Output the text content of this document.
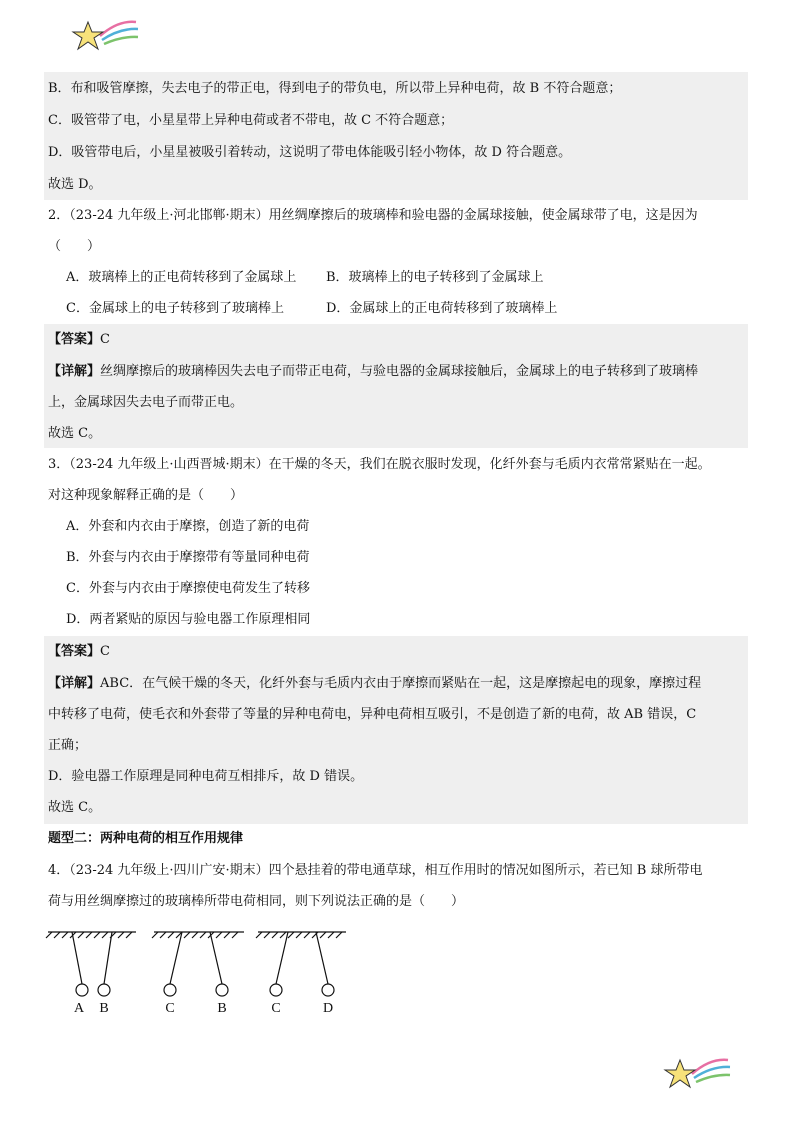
B．布和吸管摩擦，失去电子的带正电，得到电子的带负电，所以带上异种电荷，故 B 不符合题意；
C．吸管带了电，小星星带上异种电荷或者不带电，故 C 不符合题意；
D．吸管带电后，小星星被吸引着转动，这说明了带电体能吸引轻小物体，故 D 符合题意。
故选 D。
2．（23-24 九年级上·河北邯郸·期末）用丝绸摩擦后的玻璃棒和验电器的金属球接触，使金属球带了电，这是因为
（　　）
A．玻璃棒上的正电荷转移到了金属球上 B．玻璃棒上的电子转移到了金属球上
C．金属球上的电子转移到了玻璃棒上	D．金属球上的正电荷转移到了玻璃棒上
【答案】C
【详解】丝绸摩擦后的玻璃棒因失去电子而带正电荷，与验电器的金属球接触后，金属球上的电子转移到了玻璃棒
上，金属球因失去电子而带正电。
故选 C。
3．（23-24 九年级上·山西晋城·期末）在干燥的冬天，我们在脱衣服时发现，化纤外套与毛质内衣常常紧贴在一起。
对这种现象解释正确的是（　　）
A．外套和内衣由于摩擦，创造了新的电荷
B．外套与内衣由于摩擦带有等量同种电荷
C．外套与内衣由于摩擦使电荷发生了转移
D．两者紧贴的原因与验电器工作原理相同
【答案】C
【详解】ABC．在气候干燥的冬天，化纤外套与毛质内衣由于摩擦而紧贴在一起，这是摩擦起电的现象，摩擦过程
中转移了电荷，使毛衣和外套带了等量的异种电荷电，异种电荷相互吸引，不是创造了新的电荷，故 AB 错误，C
正确；
D．验电器工作原理是同种电荷互相排斥，故 D 错误。
故选 C。
题型二：两种电荷的相互作用规律
4．（23-24 九年级上·四川广安·期末）四个悬挂着的带电通草球，相互作用时的情况如图所示，若已知 B 球所带电
荷与用丝绸摩擦过的玻璃棒所带电荷相同，则下列说法正确的是（　　）
A B	C	B	C	D
